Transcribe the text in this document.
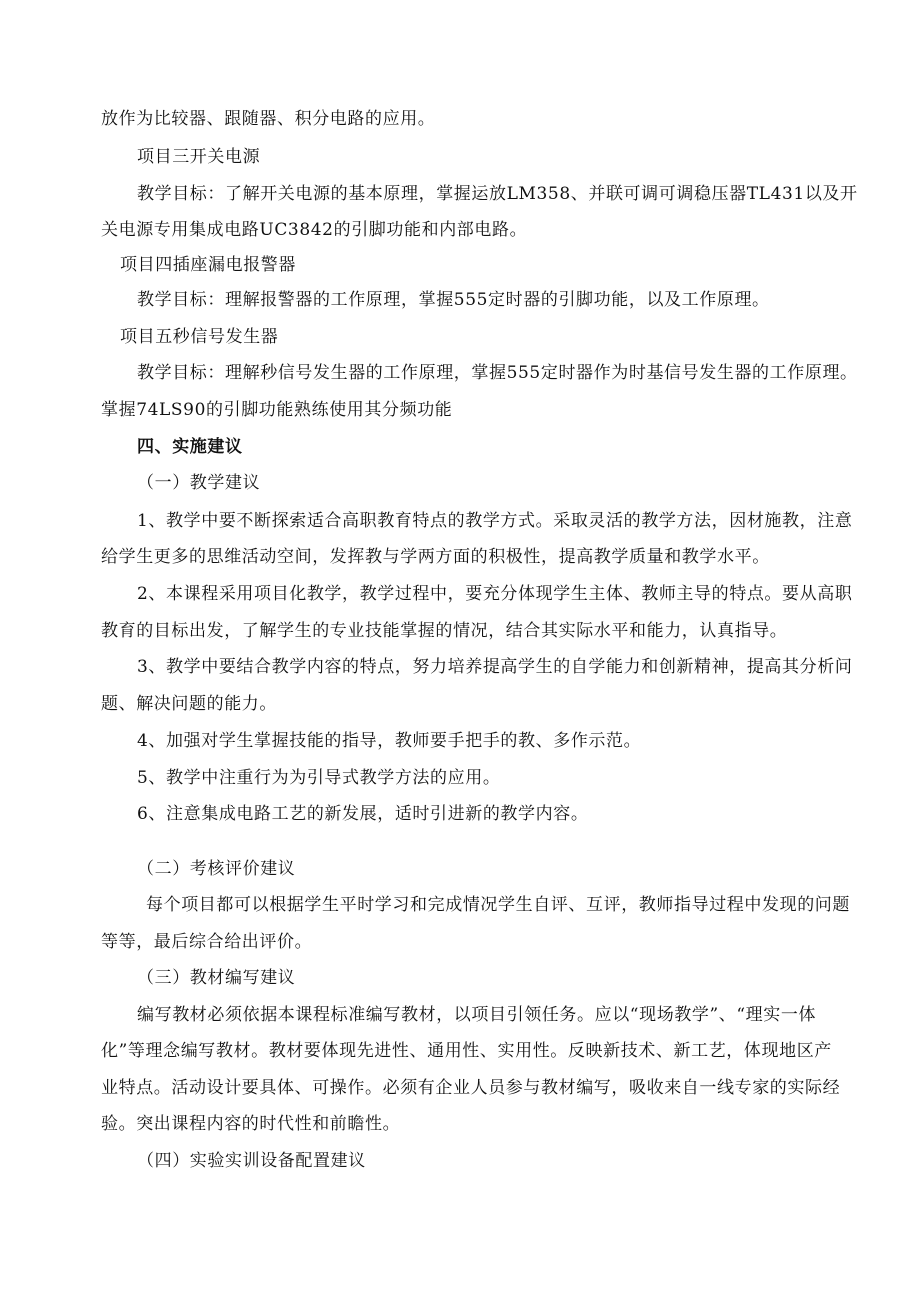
放作为比较器、跟随器、积分电路的应用。
项目三开关电源
教学目标：了解开关电源的基本原理，掌握运放LM358、并联可调可调稳压器TL431以及开
关电源专用集成电路UC3842的引脚功能和内部电路。
项目四插座漏电报警器
教学目标：理解报警器的工作原理，掌握555定时器的引脚功能，以及工作原理。
项目五秒信号发生器
教学目标：理解秒信号发生器的工作原理，掌握555定时器作为时基信号发生器的工作原理。
掌握74LS90的引脚功能熟练使用其分频功能
四、实施建议
（一）教学建议
1、教学中要不断探索适合高职教育特点的教学方式。采取灵活的教学方法，因材施教，注意
给学生更多的思维活动空间，发挥教与学两方面的积极性，提高教学质量和教学水平。
2、本课程采用项目化教学，教学过程中，要充分体现学生主体、教师主导的特点。要从高职
教育的目标出发，了解学生的专业技能掌握的情况，结合其实际水平和能力，认真指导。
3、教学中要结合教学内容的特点，努力培养提高学生的自学能力和创新精神，提高其分析问
题、解决问题的能力。
4、加强对学生掌握技能的指导，教师要手把手的教、多作示范。
5、教学中注重行为为引导式教学方法的应用。
6、注意集成电路工艺的新发展，适时引进新的教学内容。
（二）考核评价建议
每个项目都可以根据学生平时学习和完成情况学生自评、互评，教师指导过程中发现的问题
等等，最后综合给出评价。
（三）教材编写建议
编写教材必须依据本课程标准编写教材，以项目引领任务。应以“现场教学”、“理实一体
化”等理念编写教材。教材要体现先进性、通用性、实用性。反映新技术、新工艺，体现地区产
业特点。活动设计要具体、可操作。必须有企业人员参与教材编写，吸收来自一线专家的实际经
验。突出课程内容的时代性和前瞻性。
（四）实验实训设备配置建议
